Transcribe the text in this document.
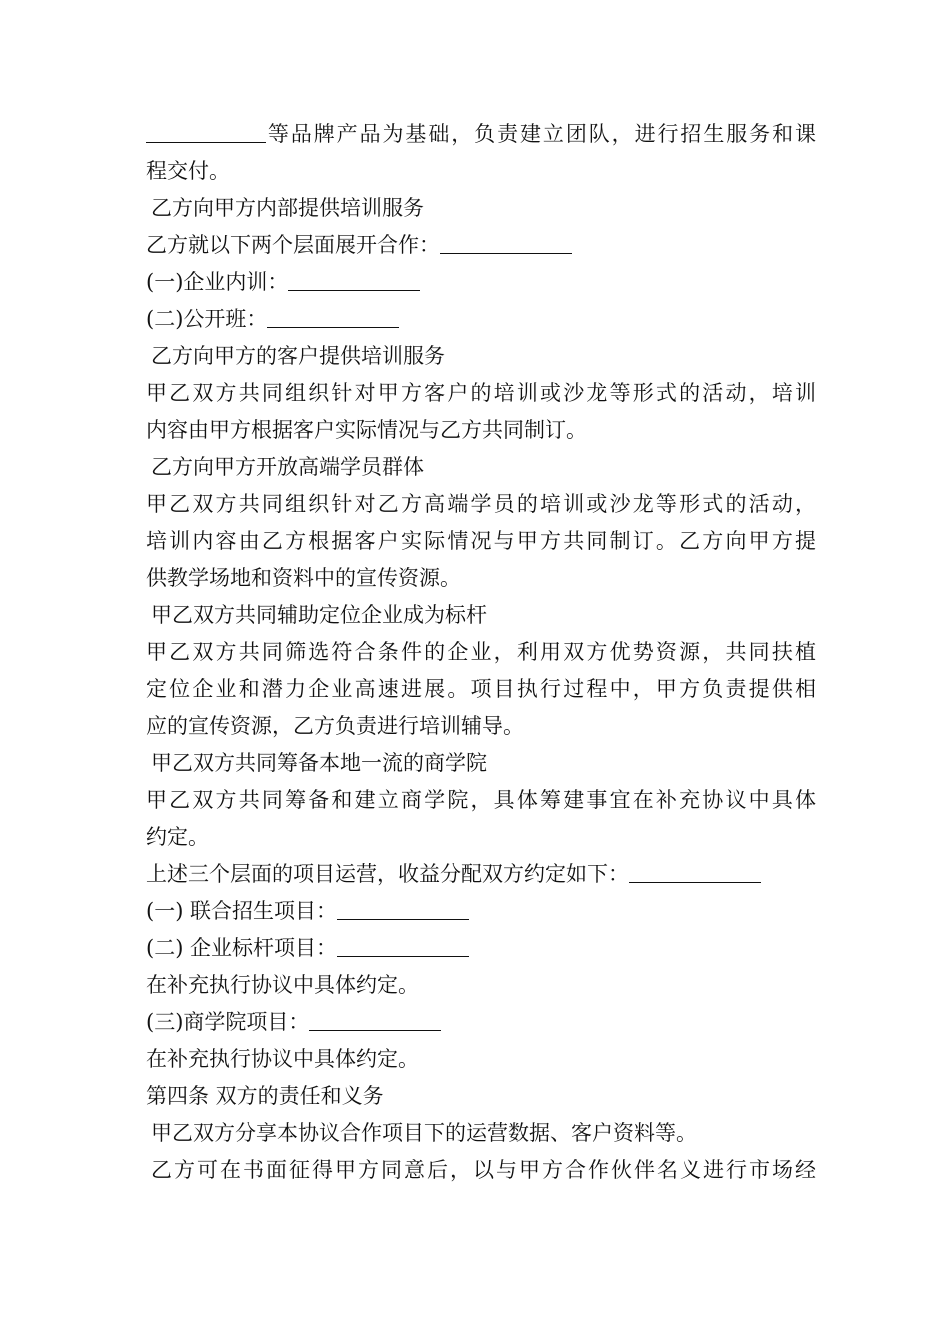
等品牌产品为基础，负责建立团队，进行招生服务和课
程交付。
乙方向甲方内部提供培训服务
乙方就以下两个层面展开合作：
(一)企业内训：
(二)公开班：
乙方向甲方的客户提供培训服务
甲乙双方共同组织针对甲方客户的培训或沙龙等形式的活动，培训
内容由甲方根据客户实际情况与乙方共同制订。
乙方向甲方开放高端学员群体
甲乙双方共同组织针对乙方高端学员的培训或沙龙等形式的活动，
培训内容由乙方根据客户实际情况与甲方共同制订。乙方向甲方提
供教学场地和资料中的宣传资源。
甲乙双方共同辅助定位企业成为标杆
甲乙双方共同筛选符合条件的企业，利用双方优势资源，共同扶植
定位企业和潜力企业高速进展。项目执行过程中，甲方负责提供相
应的宣传资源，乙方负责进行培训辅导。
甲乙双方共同筹备本地一流的商学院
甲乙双方共同筹备和建立商学院，具体筹建事宜在补充协议中具体
约定。
上述三个层面的项目运营，收益分配双方约定如下：
(一) 联合招生项目：
(二) 企业标杆项目：
在补充执行协议中具体约定。
(三)商学院项目：
在补充执行协议中具体约定。
第四条 双方的责任和义务
甲乙双方分享本协议合作项目下的运营数据、客户资料等。
乙方可在书面征得甲方同意后，以与甲方合作伙伴名义进行市场经
